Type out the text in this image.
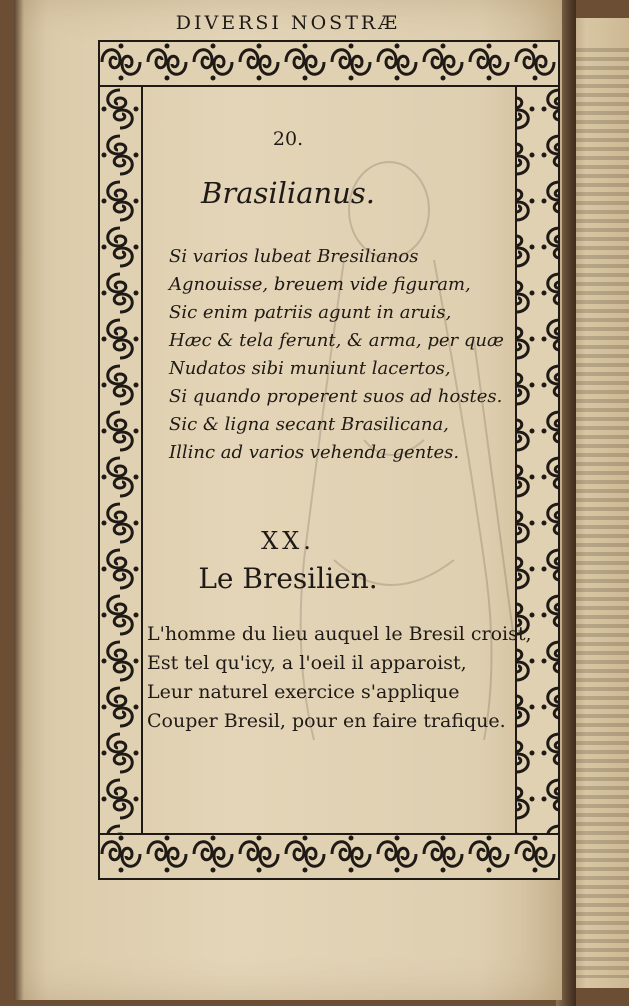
DIVERSI NOSTRÆ
20.
Brasilianus.
Si varios lubeat Bresilianos
Agnouisse, breuem vide figuram,
Sic enim patriis agunt in aruis,
Hæc & tela ferunt, & arma, per quæ
Nudatos sibi muniunt lacertos,
Si quando properent suos ad hostes.
Sic & ligna secant Brasilicana,
Illinc ad varios vehenda gentes.
XX.
Le Bresilien.
L'homme du lieu auquel le Bresil croist,
Est tel qu'icy, a l'oeil il apparoist,
Leur naturel exercice s'applique
Couper Bresil, pour en faire trafique.
